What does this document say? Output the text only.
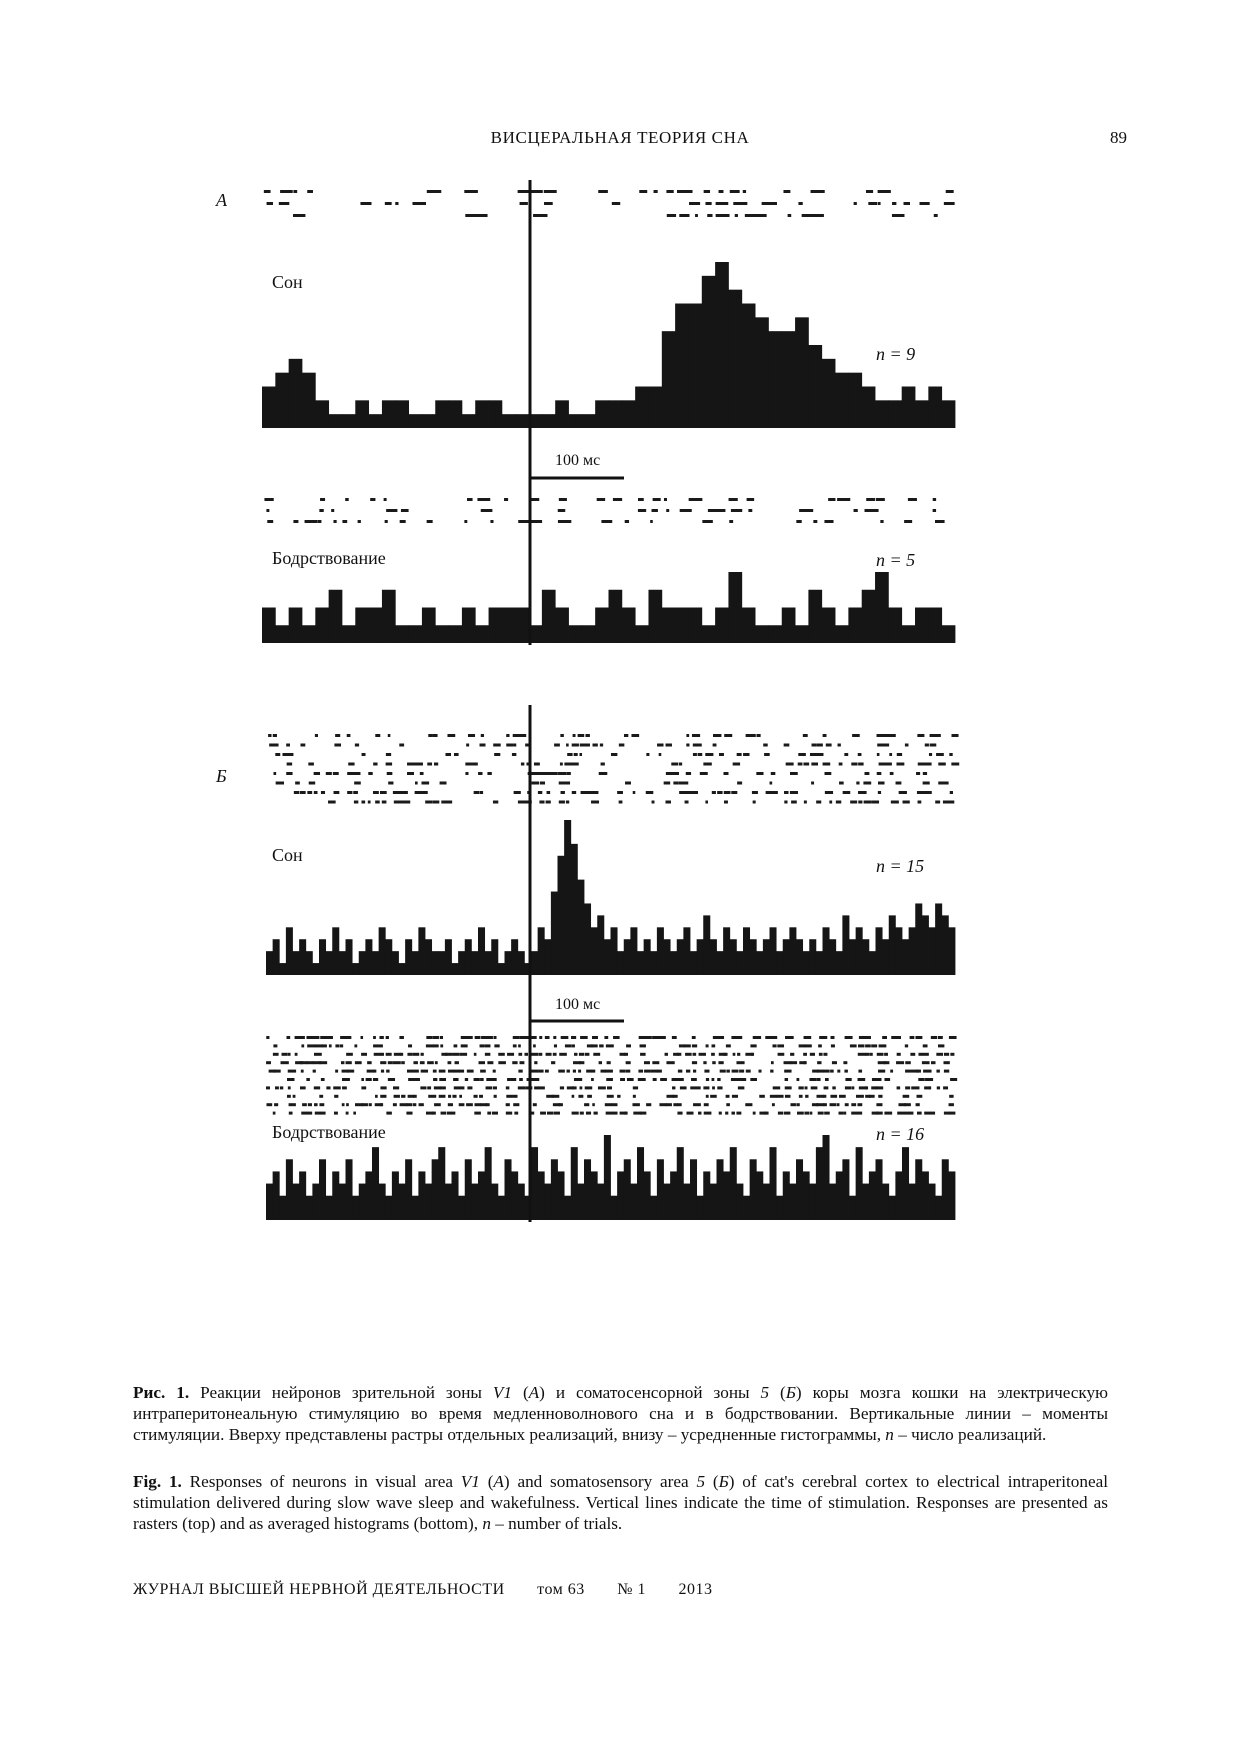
ВИСЦЕРАЛЬНАЯ ТЕОРИЯ СНА	89
А
Сон
n = 9
100 мс
Бодрствование	n = 5
Б
Сон
n = 15
100 мс
Бодрствование	n = 16
Рис. 1. Реакции нейронов зрительной зоны V1 (А) и соматосенсорной зоны 5 (Б) коры мозга кошки на электрическую интраперитонеальную стимуляцию во время медленноволнового сна и в бодрствовании. Вертикальные линии – моменты стимуляции. Вверху представлены растры отдельных реализаций, внизу – усредненные гистограммы, n – число реализаций.
Fig. 1. Responses of neurons in visual area V1 (A) and somatosensory area 5 (Б) of cat's cerebral cortex to electrical intraperitoneal stimulation delivered during slow wave sleep and wakefulness. Vertical lines indicate the time of stimulation. Responses are presented as rasters (top) and as averaged histograms (bottom), n – number of trials.
ЖУРНАЛ ВЫСШЕЙ НЕРВНОЙ ДЕЯТЕЛЬНОСТИ том 63 № 1 2013
